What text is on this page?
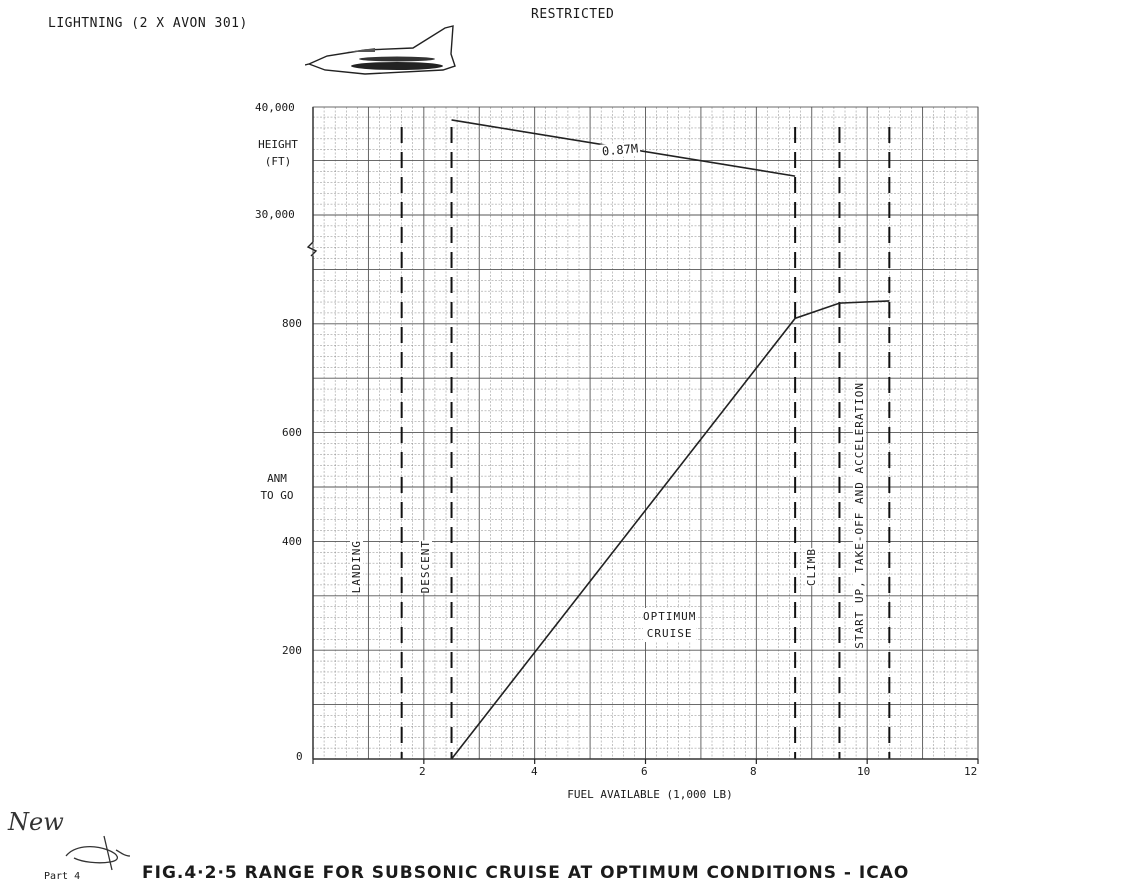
LIGHTNING (2 X AVON 301)
RESTRICTED
40,000
30,000
HEIGHT
(FT)
800
600
400
200
0
ANM
TO GO
2	4	6	8	10	12
FUEL AVAILABLE (1,000 LB)
0.87M
LANDING	DESCENT
OPTIMUM
CRUISE
CLIMB	START UP, TAKE-OFF AND ACCELERATION
New
Part 4	FIG.4·2·5 RANGE FOR SUBSONIC CRUISE AT OPTIMUM CONDITIONS - ICAO
